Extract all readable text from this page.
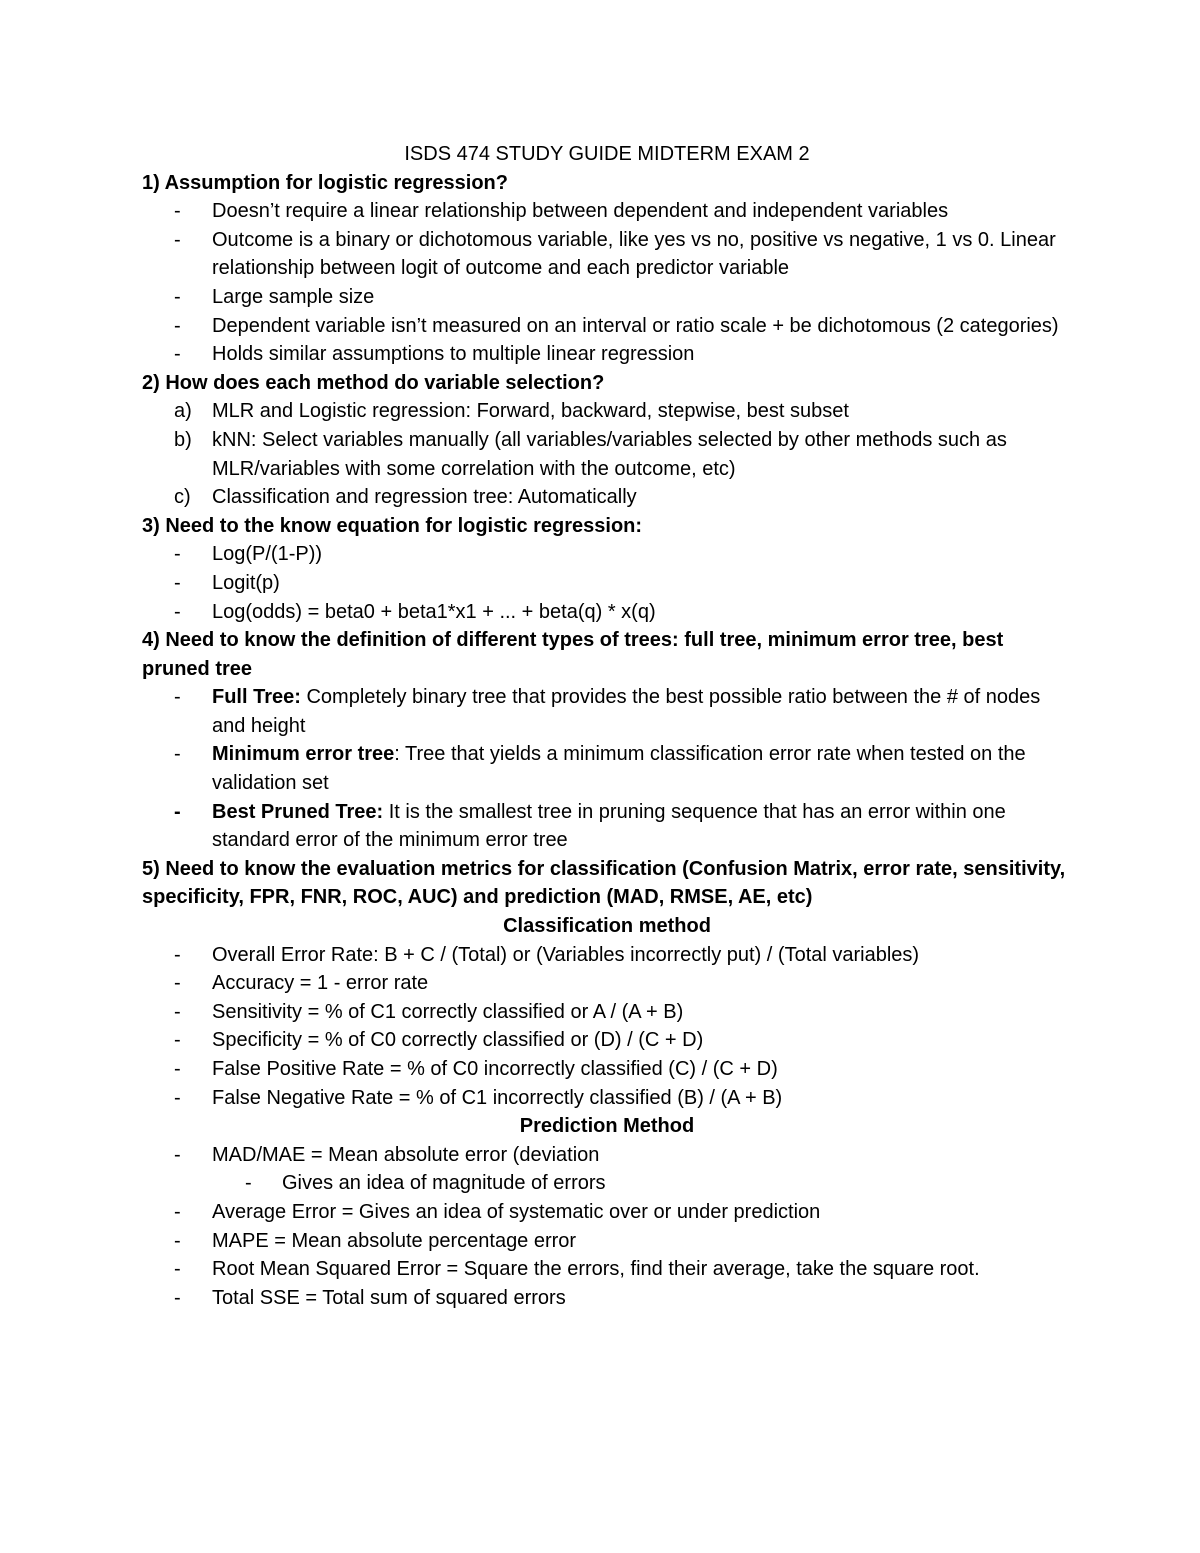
ISDS 474 STUDY GUIDE MIDTERM EXAM 2

1) Assumption for logistic regression?

- Doesn’t require a linear relationship between dependent and independent variables
- Outcome is a binary or dichotomous variable, like yes vs no, positive vs negative, 1 vs 0. Linear relationship between logit of outcome and each predictor variable
- Large sample size
- Dependent variable isn’t measured on an interval or ratio scale + be dichotomous (2 categories)
- Holds similar assumptions to multiple linear regression

2) How does each method do variable selection?

a) MLR and Logistic regression: Forward, backward, stepwise, best subset
b) kNN: Select variables manually (all variables/variables selected by other methods such as MLR/variables with some correlation with the outcome, etc)
c) Classification and regression tree: Automatically

3) Need to the know equation for logistic regression:

- Log(P/(1-P))
- Logit(p)
- Log(odds) = beta0 + beta1*x1 + ... + beta(q) * x(q)

4) Need to know the definition of different types of trees: full tree, minimum error tree, best pruned tree

- Full Tree: Completely binary tree that provides the best possible ratio between the # of nodes and height
- Minimum error tree: Tree that yields a minimum classification error rate when tested on the validation set
- Best Pruned Tree: It is the smallest tree in pruning sequence that has an error within one standard error of the minimum error tree

5) Need to know the evaluation metrics for classification (Confusion Matrix, error rate, sensitivity, specificity, FPR, FNR, ROC, AUC) and prediction (MAD, RMSE, AE, etc)

Classification method

- Overall Error Rate: B + C / (Total) or (Variables incorrectly put) / (Total variables)
- Accuracy = 1 - error rate
- Sensitivity = % of C1 correctly classified or A / (A + B)
- Specificity = % of C0 correctly classified or (D) / (C + D)
- False Positive Rate = % of C0 incorrectly classified (C) / (C + D)
- False Negative Rate = % of C1 incorrectly classified (B) / (A + B)

Prediction Method

- MAD/MAE = Mean absolute error (deviation
- Gives an idea of magnitude of errors
- Average Error = Gives an idea of systematic over or under prediction
- MAPE = Mean absolute percentage error
- Root Mean Squared Error = Square the errors, find their average, take the square root.
- Total SSE = Total sum of squared errors
